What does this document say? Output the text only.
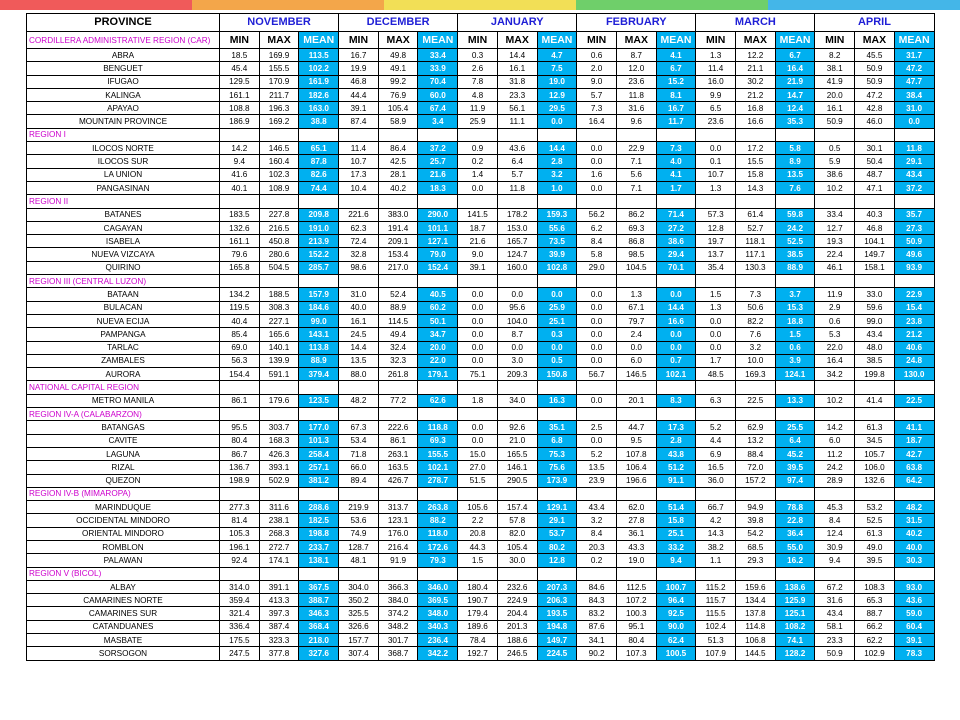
PROVINCE	NOVEMBER			DECEMBER			JANUARY			FEBRUARY			MARCH			APRIL		
CORDILLERA ADMINISTRATIVE REGION (CAR)	MIN	MAX	MEAN	MIN	MAX	MEAN	MIN	MAX	MEAN	MIN	MAX	MEAN	MIN	MAX	MEAN	MIN	MAX	MEAN
ABRA	18.5	169.9	113.5	16.7	49.8	33.4	0.3	14.4	4.7	0.6	8.7	4.1	1.3	12.2	6.7	8.2	45.5	31.7
BENGUET	45.4	155.5	102.2	19.9	49.1	33.9	2.6	16.1	7.5	2.0	12.0	6.7	11.4	21.1	16.4	38.1	50.9	47.2
IFUGAO	129.5	170.9	161.9	46.8	99.2	70.4	7.8	31.8	19.0	9.0	23.6	15.2	16.0	30.2	21.9	41.9	50.9	47.7
KALINGA	161.1	211.7	182.6	44.4	76.9	60.0	4.8	23.3	12.9	5.7	11.8	8.1	9.9	21.2	14.7	20.0	47.2	38.4
APAYAO	108.8	196.3	163.0	39.1	105.4	67.4	11.9	56.1	29.5	7.3	31.6	16.7	6.5	16.8	12.4	16.1	42.8	31.0
MOUNTAIN PROVINCE	186.9	169.2	38.8	87.4	58.9	3.4	25.9	11.1	0.0	16.4	9.6	11.7	23.6	16.6	35.3	50.9	46.0	0.0
REGION I																		
ILOCOS NORTE	14.2	146.5	65.1	11.4	86.4	37.2	0.9	43.6	14.4	0.0	22.9	7.3	0.0	17.2	5.8	0.5	30.1	11.8
ILOCOS SUR	9.4	160.4	87.8	10.7	42.5	25.7	0.2	6.4	2.8	0.0	7.1	4.0	0.1	15.5	8.9	5.9	50.4	29.1
LA UNION	41.6	102.3	82.6	17.3	28.1	21.6	1.4	5.7	3.2	1.6	5.6	4.1	10.7	15.8	13.5	38.6	48.7	43.4
PANGASINAN	40.1	108.9	74.4	10.4	40.2	18.3	0.0	11.8	1.0	0.0	7.1	1.7	1.3	14.3	7.6	10.2	47.1	37.2
REGION II																		
BATANES	183.5	227.8	209.8	221.6	383.0	290.0	141.5	178.2	159.3	56.2	86.2	71.4	57.3	61.4	59.8	33.4	40.3	35.7
CAGAYAN	132.6	216.5	191.0	62.3	191.4	101.1	18.7	153.0	55.6	6.2	69.3	27.2	12.8	52.7	24.2	12.7	46.8	27.3
ISABELA	161.1	450.8	213.9	72.4	209.1	127.1	21.6	165.7	73.5	8.4	86.8	38.6	19.7	118.1	52.5	19.3	104.1	50.9
NUEVA VIZCAYA	79.6	280.6	152.2	32.8	153.4	79.0	9.0	124.7	39.9	5.8	98.5	29.4	13.7	117.1	38.5	22.4	149.7	49.6
QUIRINO	165.8	504.5	285.7	98.6	217.0	152.4	39.1	160.0	102.8	29.0	104.5	70.1	35.4	130.3	88.9	46.1	158.1	93.9
REGION III (CENTRAL LUZON)																		
BATAAN	134.2	188.5	157.9	31.0	52.4	40.5	0.0	0.0	0.0	0.0	1.3	0.0	1.5	7.3	3.7	11.9	33.0	22.9
BULACAN	119.5	308.3	184.6	40.0	88.9	60.2	0.0	95.6	25.9	0.0	67.1	14.4	1.3	50.6	15.3	2.9	59.6	15.4
NUEVA ECIJA	40.4	227.1	99.0	16.1	114.5	50.1	0.0	104.0	25.1	0.0	79.7	16.6	0.0	82.2	18.8	0.6	99.0	23.8
PAMPANGA	85.4	165.6	143.1	24.5	49.4	34.7	0.0	8.7	0.3	0.0	2.4	0.0	0.0	7.6	1.5	5.3	43.4	21.2
TARLAC	69.0	140.1	113.8	14.4	32.4	20.0	0.0	0.0	0.0	0.0	0.0	0.0	0.0	3.2	0.6	22.0	48.0	40.6
ZAMBALES	56.3	139.9	88.9	13.5	32.3	22.0	0.0	3.0	0.5	0.0	6.0	0.7	1.7	10.0	3.9	16.4	38.5	24.8
AURORA	154.4	591.1	379.4	88.0	261.8	179.1	75.1	209.3	150.8	56.7	146.5	102.1	48.5	169.3	124.1	34.2	199.8	130.0
NATIONAL CAPITAL REGION																		
METRO MANILA	86.1	179.6	123.5	48.2	77.2	62.6	1.8	34.0	16.3	0.0	20.1	8.3	6.3	22.5	13.3	10.2	41.4	22.5
REGION IV-A (CALABARZON)																		
BATANGAS	95.5	303.7	177.0	67.3	222.6	118.8	0.0	92.6	35.1	2.5	44.7	17.3	5.2	62.9	25.5	14.2	61.3	41.1
CAVITE	80.4	168.3	101.3	53.4	86.1	69.3	0.0	21.0	6.8	0.0	9.5	2.8	4.4	13.2	6.4	6.0	34.5	18.7
LAGUNA	86.7	426.3	258.4	71.8	263.1	155.5	15.0	165.5	75.3	5.2	107.8	43.8	6.9	88.4	45.2	11.2	105.7	42.7
RIZAL	136.7	393.1	257.1	66.0	163.5	102.1	27.0	146.1	75.6	13.5	106.4	51.2	16.5	72.0	39.5	24.2	106.0	63.8
QUEZON	198.9	502.9	381.2	89.4	426.7	278.7	51.5	290.5	173.9	23.9	196.6	91.1	36.0	157.2	97.4	28.9	132.6	64.2
REGION IV-B (MIMAROPA)																		
MARINDUQUE	277.3	311.6	288.6	219.9	313.7	263.8	105.6	157.4	129.1	43.4	62.0	51.4	66.7	94.9	78.8	45.3	53.2	48.2
OCCIDENTAL MINDORO	81.4	238.1	182.5	53.6	123.1	88.2	2.2	57.8	29.1	3.2	27.8	15.8	4.2	39.8	22.8	8.4	52.5	31.5
ORIENTAL MINDORO	105.3	268.3	198.8	74.9	176.0	118.0	20.8	82.0	53.7	8.4	36.1	25.1	14.3	54.2	36.4	12.4	61.3	40.2
ROMBLON	196.1	272.7	233.7	128.7	216.4	172.6	44.3	105.4	80.2	20.3	43.3	33.2	38.2	68.5	55.0	30.9	49.0	40.0
PALAWAN	92.4	174.1	138.1	48.1	91.9	79.3	1.5	30.0	12.8	0.2	19.0	9.4	1.1	29.3	16.2	9.4	39.5	30.3
REGION V (BICOL)																		
ALBAY	314.0	391.1	367.5	304.0	366.3	346.0	180.4	232.6	207.3	84.6	112.5	100.7	115.2	159.6	138.6	67.2	108.3	93.0
CAMARINES NORTE	359.4	413.3	388.7	350.2	384.0	369.5	190.7	224.9	206.3	84.3	107.2	96.4	115.7	134.4	125.9	31.6	65.3	43.6
CAMARINES SUR	321.4	397.3	346.3	325.5	374.2	348.0	179.4	204.4	193.5	83.2	100.3	92.5	115.5	137.8	125.1	43.4	88.7	59.0
CATANDUANES	336.4	387.4	368.4	326.6	348.2	340.3	189.6	201.3	194.8	87.6	95.1	90.0	102.4	114.8	108.2	58.1	66.2	60.4
MASBATE	175.5	323.3	218.0	157.7	301.7	236.4	78.4	188.6	149.7	34.1	80.4	62.4	51.3	106.8	74.1	23.3	62.2	39.1
SORSOGON	247.5	377.8	327.6	307.4	368.7	342.2	192.7	246.5	224.5	90.2	107.3	100.5	107.9	144.5	128.2	50.9	102.9	78.3
